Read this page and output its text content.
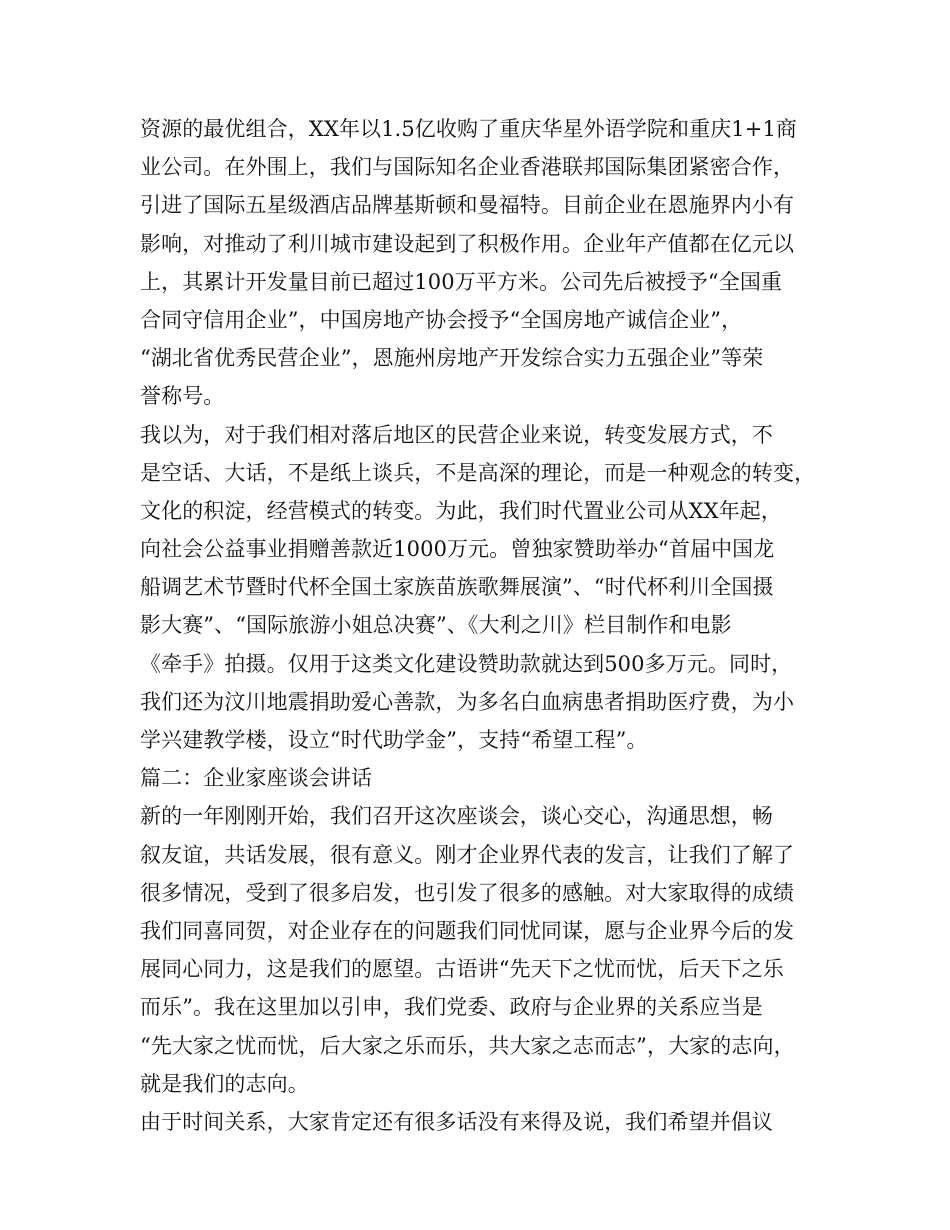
资源的最优组合，XX年以1.5亿收购了重庆华星外语学院和重庆1+1商
业公司。在外围上，我们与国际知名企业香港联邦国际集团紧密合作，
引进了国际五星级酒店品牌基斯顿和曼福特。目前企业在恩施界内小有
影响，对推动了利川城市建设起到了积极作用。企业年产值都在亿元以
上，其累计开发量目前已超过100万平方米。公司先后被授予“全国重
合同守信用企业”，中国房地产协会授予“全国房地产诚信企业”，
“湖北省优秀民营企业”，恩施州房地产开发综合实力五强企业”等荣
誉称号。
我以为，对于我们相对落后地区的民营企业来说，转变发展方式，不
是空话、大话，不是纸上谈兵，不是高深的理论，而是一种观念的转变，
文化的积淀，经营模式的转变。为此，我们时代置业公司从XX年起，
向社会公益事业捐赠善款近1000万元。曾独家赞助举办“首届中国龙
船调艺术节暨时代杯全国土家族苗族歌舞展演”、“时代杯利川全国摄
影大赛”、“国际旅游小姐总决赛”、《大利之川》栏目制作和电影
《牵手》拍摄。仅用于这类文化建设赞助款就达到500多万元。同时，
我们还为汶川地震捐助爱心善款，为多名白血病患者捐助医疗费，为小
学兴建教学楼，设立“时代助学金”，支持“希望工程”。
篇二：企业家座谈会讲话
新的一年刚刚开始，我们召开这次座谈会，谈心交心，沟通思想，畅
叙友谊，共话发展，很有意义。刚才企业界代表的发言，让我们了解了
很多情况，受到了很多启发，也引发了很多的感触。对大家取得的成绩
我们同喜同贺，对企业存在的问题我们同忧同谋，愿与企业界今后的发
展同心同力，这是我们的愿望。古语讲“先天下之忧而忧，后天下之乐
而乐”。我在这里加以引申，我们党委、政府与企业界的关系应当是
“先大家之忧而忧，后大家之乐而乐，共大家之志而志”，大家的志向，
就是我们的志向。
由于时间关系，大家肯定还有很多话没有来得及说，我们希望并倡议
